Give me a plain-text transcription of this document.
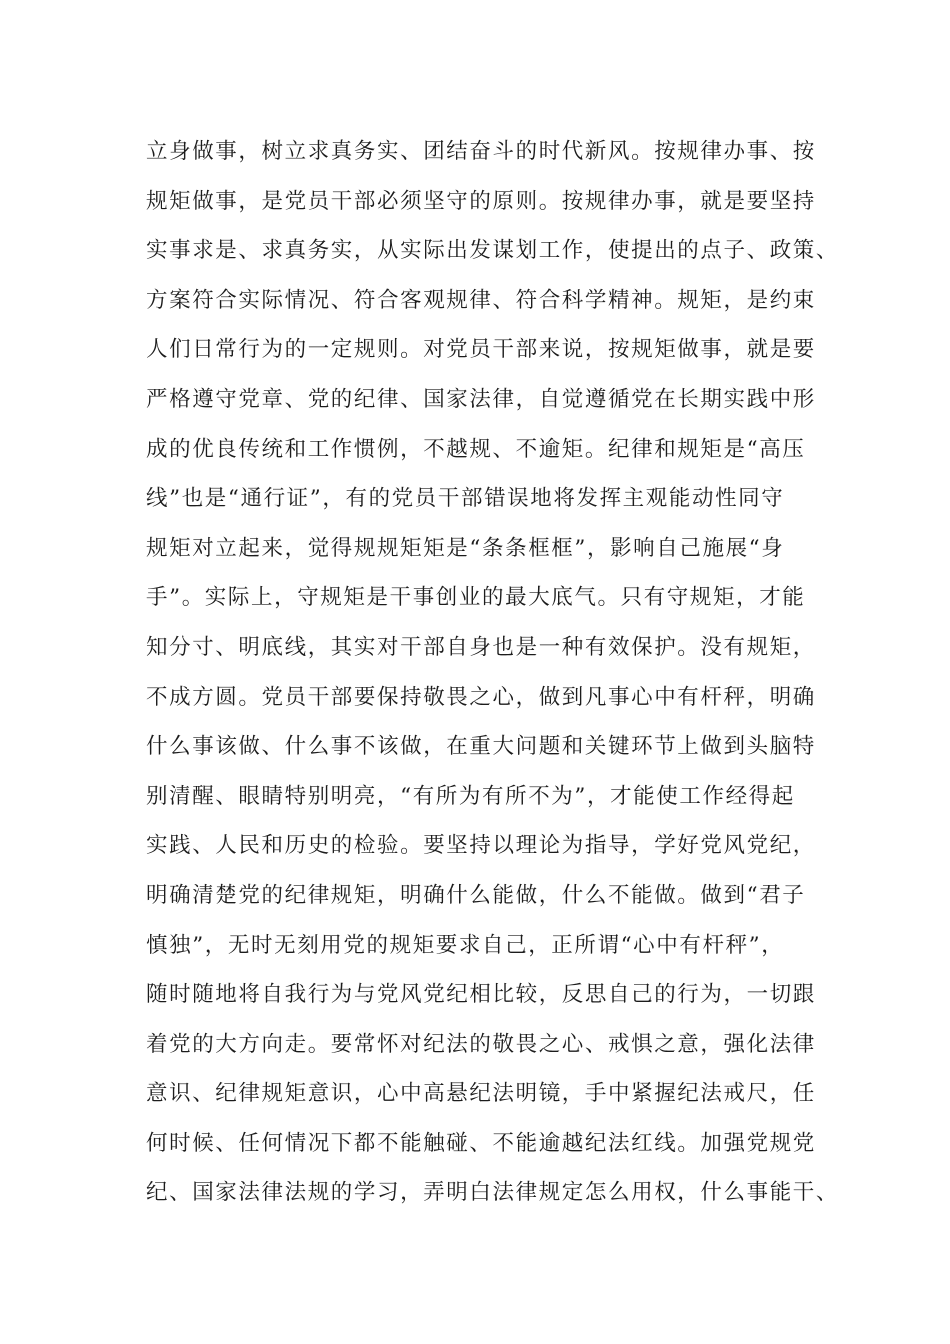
立身做事，树立求真务实、团结奋斗的时代新风。按规律办事、按
规矩做事，是党员干部必须坚守的原则。按规律办事，就是要坚持
实事求是、求真务实，从实际出发谋划工作，使提出的点子、政策、
方案符合实际情况、符合客观规律、符合科学精神。规矩，是约束
人们日常行为的一定规则。对党员干部来说，按规矩做事，就是要
严格遵守党章、党的纪律、国家法律，自觉遵循党在长期实践中形
成的优良传统和工作惯例，不越规、不逾矩。纪律和规矩是“高压
线”也是“通行证”，有的党员干部错误地将发挥主观能动性同守
规矩对立起来，觉得规规矩矩是“条条框框”，影响自己施展“身
手”。实际上，守规矩是干事创业的最大底气。只有守规矩，才能
知分寸、明底线，其实对干部自身也是一种有效保护。没有规矩，
不成方圆。党员干部要保持敬畏之心，做到凡事心中有杆秤，明确
什么事该做、什么事不该做，在重大问题和关键环节上做到头脑特
别清醒、眼睛特别明亮，“有所为有所不为”，才能使工作经得起
实践、人民和历史的检验。要坚持以理论为指导，学好党风党纪，
明确清楚党的纪律规矩，明确什么能做，什么不能做。做到“君子
慎独”，无时无刻用党的规矩要求自己，正所谓“心中有杆秤”，
随时随地将自我行为与党风党纪相比较，反思自己的行为，一切跟
着党的大方向走。要常怀对纪法的敬畏之心、戒惧之意，强化法律
意识、纪律规矩意识，心中高悬纪法明镜，手中紧握纪法戒尺，任
何时候、任何情况下都不能触碰、不能逾越纪法红线。加强党规党
纪、国家法律法规的学习，弄明白法律规定怎么用权，什么事能干、
